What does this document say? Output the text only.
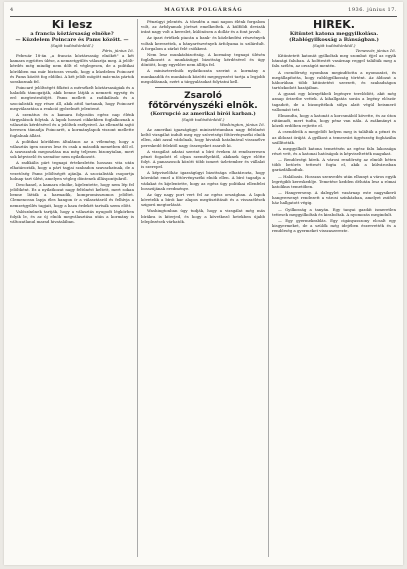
4	MAGYAR POLGÁRSÁG	1936. június 17.
Ki lesz
a francia köztársaság elnöke?
— Küzdelem Poincare és Pams között. —
(Saját tudósítónktól.)
Páris, június 16.

Február 18-án „a francia köztársaság elnökét" a két kamara együttes ülése, a nemzetgyűlés választja meg. A jelölt-kérdés még mindig nem dőlt el véglegesen, de a politikai körökben ma már biztosra veszik, hogy a küzdelem Poincaré és Pams között fog eldőlni. A két jelölt mögött más-más pártok sorakoznak fel.

Poincaré jelöltségét főként a mérsékelt köztársaságiak és a haladók támogatják, akik benne látják a nemzeti egység és erő megtestesítőjét. Pams mellett a radikálisok és a szocialisták egy része áll, akik attól tartanak, hogy Poincaré megválasztása a reakció győzelmét jelentené.

A szenátus és a kamara folyosóin egész nap élénk tárgyalások folytak. A lapok hosszú cikkekben foglalkoznak a választás kérdésével és a jelöltek esélyeivel. Az ellenzéki sajtó hevesen támadja Poincarét, a kormánylapok viszont mellette foglalnak állást.

A politikai körökben általános az a vélemény, hogy a választás igen szoros lesz és csak a második menetben dől el. A szavazatok megoszlása ma még teljesen bizonytalan, mert sok képviselő és szenátor nem nyilatkozott.

A radikális párt tegnapi értekezletén hosszas vita után elhatározták, hogy a párt tagjai szabadon szavazhatnak, de a vezetőség Pams jelöltségét ajánlja. A szocialisták csoportja holnap tart ülést, amelyen végleg döntenek álláspontjukról.

Deschanel, a kamara elnöke, kijelentette, hogy nem lép fel jelöltként. Ez a nyilatkozat nagy feltűnést keltett, mert sokan benne látták a harmadik, kompromisszumos jelöltet. Clemenceau lapja éles hangon ír a választásról és felhívja a nemzetgyűlés tagjait, hogy a haza érdekét tartsák szem előtt.

Valószínűnek tartják, hogy a választás nyugodt légkörben folyik le, és az új elnök megválasztása után a kormány is változatlanul marad hivatalában.

Pénzügyi jelentés. A tőzsdén a mai napon élénk forgalom volt, az árfolyamok jórészt emelkedtek. A külföldi devizák iránt nagy volt a kereslet, különösen a dollár és a font javult.

Az ipari értékek piacán a bank- és közlekedési részvények voltak keresettek, a bányarészvények árfolyama is szilárdult. A forgalom a zárlat felé csökkent.

Nem lesz munkásbizottság. A kormány tegnapi ülésén foglalkozott a munkásügyi bizottság kérdésével és úgy döntött, hogy egyelőre nem állítja fel.

A miniszterelnök nyilatkozata szerint a kormány a munkaadók és munkások közötti megegyezést tartja a legjobb megoldásnak, ezért a tárgyalásokat folytatni kell.

Zsaroló
főtörvényszéki elnök.
(Korrupció az amerikai bírói karban.)
(Saját tudósítónktól.)
Washington, június 16.

Az amerikai igazságügyi minisztériumban nagy feltűnést keltő vizsgálat indult meg egy szövetségi főtörvényszéki elnök ellen, akit azzal vádolnak, hogy hivatali hatalmával visszaélve pereskedő felektől nagy összegeket zsarolt ki.

A vizsgálat adatai szerint a bíró éveken át rendszeresen pénzt fogadott el olyan személyektől, akiknek ügye előtte folyt. A panaszosok között több ismert üzletember és vállalat is szerepel.

A képviselőház igazságügyi bizottsága elhatározta, hogy közvádat emel a főtörvényszéki elnök ellen. A bíró tagadja a vádakat és kijelentette, hogy az egész ügy politikai ellenfelei bosszújának eredménye.

Az ügy nagy port vert fel az egész országban. A lapok követelik a bírói kar alapos megtisztítását és a visszaélések szigorú megtorlását.

Washingtonban úgy tudják, hogy a vizsgálat még más bírákra is kiterjed, és hogy a következő hetekben újabb leleplezések várhatók.

HÍREK.
Kitüntet katona meggyilkolása.
(Rablógyilkosság a Bánságban.)
(Saját tudósítónktól.)
Temesvár, június 16.

Kitüntetett katonát gyilkoltak meg szombat éjjel az egyik bánsági faluban. A holttestét vasárnap reggel találták meg a falu szélén, az országút mentén.

A csendőrség nyomban megindította a nyomozást, és megállapította, hogy rablógyilkosság történt. Az áldozat a háborúban több kitüntetést szerzett, és szabadságon tartózkodott hazájában.

A gyanú egy környékbeli legényre terelődött, akit még aznap őrizetbe vettek. A kihallgatás során a legény először tagadott, de a bizonyítékok súlya alatt végül beismerő vallomást tett.

Elmondta, hogy a katonát a korcsmából követte, és az úton rátámadt, mert tudta, hogy pénz van nála. A zsákmányt a közeli erdőben rejtette el.

A csendőrök a megjelölt helyen meg is találták a pénzt és az áldozat óráját. A gyilkost a temesvári ügyészség fogházába szállították.

A meggyilkolt katona temetésén az egész falu lakossága részt vett, és a katonai hatóságok is képviseltették magukat.

— Rendőrségi hírek. A városi rendőrség az elmúlt héten több betörés tettesét fogta el, akik a külvárosban garázdálkodtak.

— Halálozás. Hosszas szenvedés után elhunyt a város egyik legrégibb kereskedője. Temetése kedden délután lesz a római katolikus temetőben.

— Hangverseny. A dalegylet vasárnap este nagysikerű hangversenyt rendezett a városi színházban, amelyet zsúfolt ház hallgatott végig.

— Gyilkosság a tanyán. Egy tanyai gazdát ismeretlen tettesek meggyilkoltak és kiraboltak. A nyomozás megindult.

— Egy gyermekrablás. Egy cigányasszony elcsalt egy kisgyermeket, de a szülők még idejében észrevették és a rendőrség a gyermeket visszaszerezte.
